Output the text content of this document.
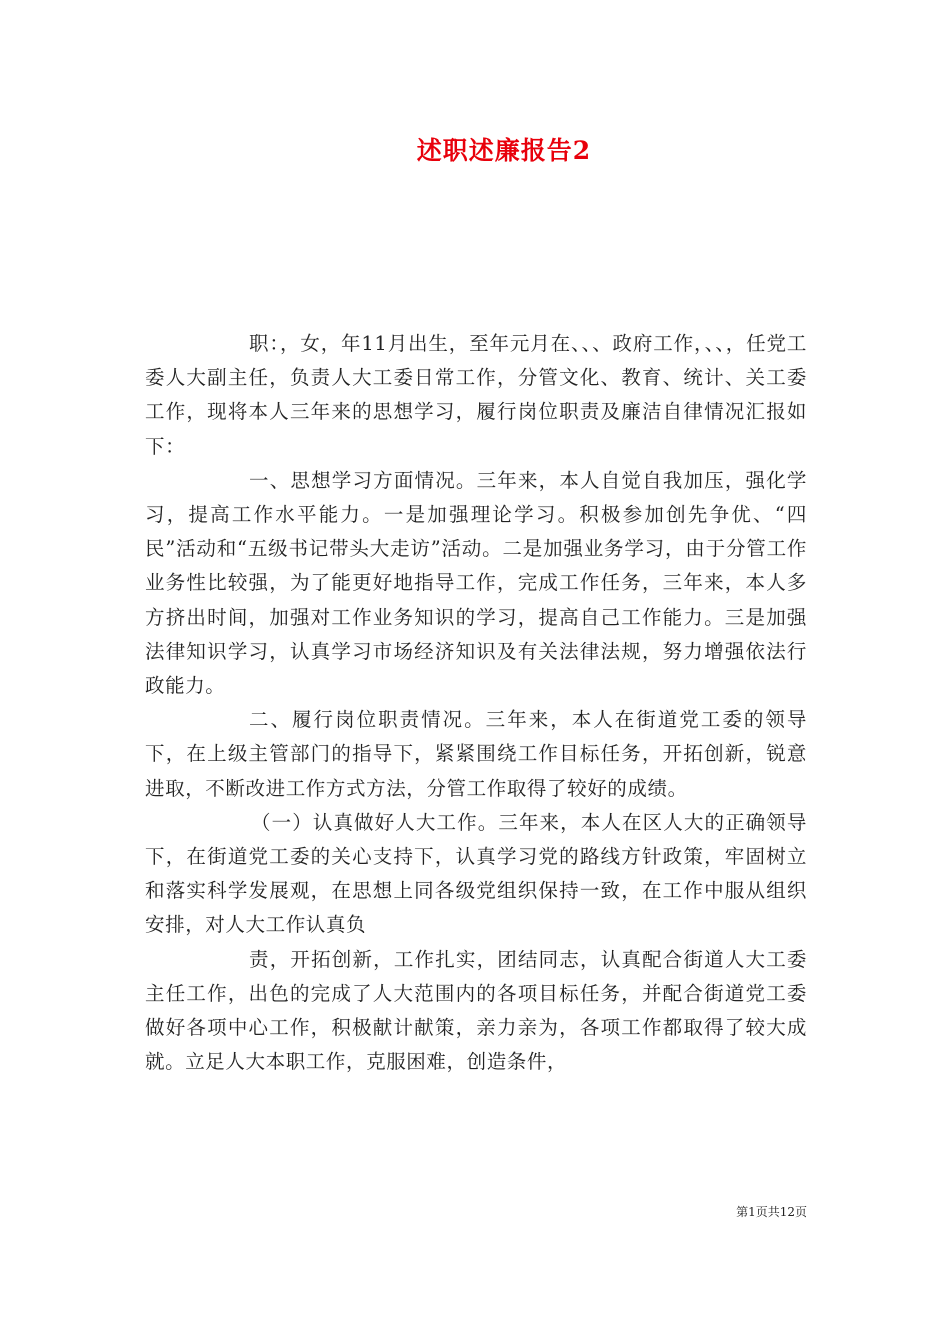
述职述廉报告2

职：，女，年11月出生，至年元月在、、、政府工作，、、，任党工委人大副主任，负责人大工委日常工作，分管文化、教育、统计、关工委工作，现将本人三年来的思想学习，履行岗位职责及廉洁自律情况汇报如下：

一、思想学习方面情况。三年来，本人自觉自我加压，强化学习，提高工作水平能力。一是加强理论学习。积极参加创先争优、“四民”活动和“五级书记带头大走访”活动。二是加强业务学习，由于分管工作业务性比较强，为了能更好地指导工作，完成工作任务，三年来，本人多方挤出时间，加强对工作业务知识的学习，提高自己工作能力。三是加强法律知识学习，认真学习市场经济知识及有关法律法规，努力增强依法行政能力。

二、履行岗位职责情况。三年来，本人在街道党工委的领导下，在上级主管部门的指导下，紧紧围绕工作目标任务，开拓创新，锐意进取，不断改进工作方式方法，分管工作取得了较好的成绩。

（一）认真做好人大工作。三年来，本人在区人大的正确领导下，在街道党工委的关心支持下，认真学习党的路线方针政策，牢固树立和落实科学发展观，在思想上同各级党组织保持一致，在工作中服从组织安排，对人大工作认真负

责，开拓创新，工作扎实，团结同志，认真配合街道人大工委主任工作，出色的完成了人大范围内的各项目标任务，并配合街道党工委做好各项中心工作，积极献计献策，亲力亲为，各项工作都取得了较大成就。立足人大本职工作，克服困难，创造条件，

第1页共12页
